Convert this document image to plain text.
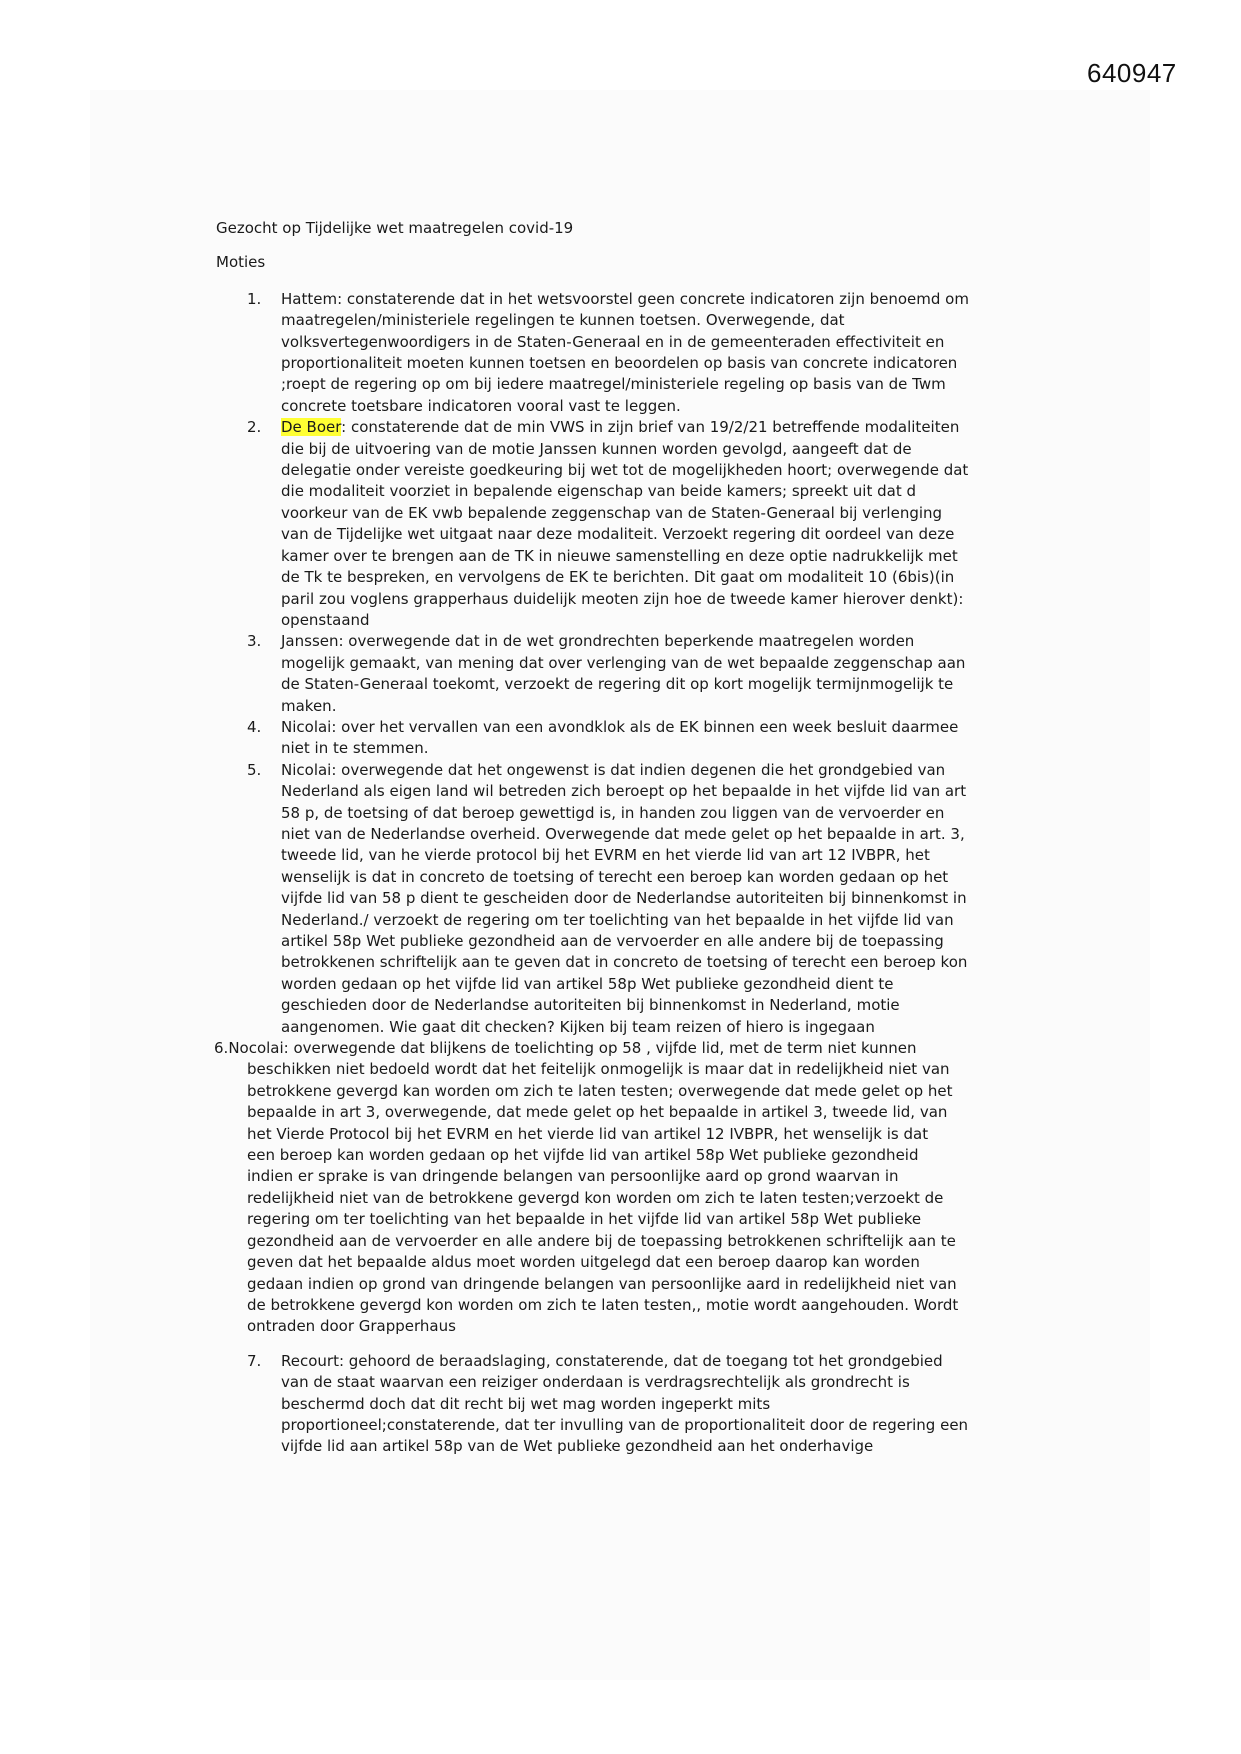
640947

Gezocht op Tijdelijke wet maatregelen covid-19

Moties

1.	Hattem: constaterende dat in het wetsvoorstel geen concrete indicatoren zijn benoemd om
maatregelen/ministeriele regelingen te kunnen toetsen. Overwegende, dat
volksvertegenwoordigers in de Staten-Generaal en in de gemeenteraden effectiviteit en
proportionaliteit moeten kunnen toetsen en beoordelen op basis van concrete indicatoren
;roept de regering op om bij iedere maatregel/ministeriele regeling op basis van de Twm
concrete toetsbare indicatoren vooral vast te leggen.
2.	De Boer: constaterende dat de min VWS in zijn brief van 19/2/21 betreffende modaliteiten
die bij de uitvoering van de motie Janssen kunnen worden gevolgd, aangeeft dat de
delegatie onder vereiste goedkeuring bij wet tot de mogelijkheden hoort; overwegende dat
die modaliteit voorziet in bepalende eigenschap van beide kamers; spreekt uit dat d
voorkeur van de EK vwb bepalende zeggenschap van de Staten-Generaal bij verlenging
van de Tijdelijke wet uitgaat naar deze modaliteit. Verzoekt regering dit oordeel van deze
kamer over te brengen aan de TK in nieuwe samenstelling en deze optie nadrukkelijk met
de Tk te bespreken, en vervolgens de EK te berichten. Dit gaat om modaliteit 10 (6bis)(in
paril zou voglens grapperhaus duidelijk meoten zijn hoe de tweede kamer hierover denkt):
openstaand
3.	Janssen: overwegende dat in de wet grondrechten beperkende maatregelen worden
mogelijk gemaakt, van mening dat over verlenging van de wet bepaalde zeggenschap aan
de Staten-Generaal toekomt, verzoekt de regering dit op kort mogelijk termijnmogelijk te
maken.
4.	Nicolai: over het vervallen van een avondklok als de EK binnen een week besluit daarmee
niet in te stemmen.
5.	Nicolai: overwegende dat het ongewenst is dat indien degenen die het grondgebied van
Nederland als eigen land wil betreden zich beroept op het bepaalde in het vijfde lid van art
58 p, de toetsing of dat beroep gewettigd is, in handen zou liggen van de vervoerder en
niet van de Nederlandse overheid. Overwegende dat mede gelet op het bepaalde in art. 3,
tweede lid, van he vierde protocol bij het EVRM en het vierde lid van art 12 IVBPR, het
wenselijk is dat in concreto de toetsing of terecht een beroep kan worden gedaan op het
vijfde lid van 58 p dient te gescheiden door de Nederlandse autoriteiten bij binnenkomst in
Nederland./ verzoekt de regering om ter toelichting van het bepaalde in het vijfde lid van
artikel 58p Wet publieke gezondheid aan de vervoerder en alle andere bij de toepassing
betrokkenen schriftelijk aan te geven dat in concreto de toetsing of terecht een beroep kon
worden gedaan op het vijfde lid van artikel 58p Wet publieke gezondheid dient te
geschieden door de Nederlandse autoriteiten bij binnenkomst in Nederland, motie
aangenomen. Wie gaat dit checken? Kijken bij team reizen of hiero is ingegaan
6.Nocolai: overwegende dat blijkens de toelichting op 58 , vijfde lid, met de term niet kunnen
beschikken niet bedoeld wordt dat het feitelijk onmogelijk is maar dat in redelijkheid niet van
betrokkene gevergd kan worden om zich te laten testen; overwegende dat mede gelet op het
bepaalde in art 3, overwegende, dat mede gelet op het bepaalde in artikel 3, tweede lid, van
het Vierde Protocol bij het EVRM en het vierde lid van artikel 12 IVBPR, het wenselijk is dat
een beroep kan worden gedaan op het vijfde lid van artikel 58p Wet publieke gezondheid
indien er sprake is van dringende belangen van persoonlijke aard op grond waarvan in
redelijkheid niet van de betrokkene gevergd kon worden om zich te laten testen;verzoekt de
regering om ter toelichting van het bepaalde in het vijfde lid van artikel 58p Wet publieke
gezondheid aan de vervoerder en alle andere bij de toepassing betrokkenen schriftelijk aan te
geven dat het bepaalde aldus moet worden uitgelegd dat een beroep daarop kan worden
gedaan indien op grond van dringende belangen van persoonlijke aard in redelijkheid niet van
de betrokkene gevergd kon worden om zich te laten testen,, motie wordt aangehouden. Wordt
ontraden door Grapperhaus
7.	Recourt: gehoord de beraadslaging, constaterende, dat de toegang tot het grondgebied
van de staat waarvan een reiziger onderdaan is verdragsrechtelijk als grondrecht is
beschermd doch dat dit recht bij wet mag worden ingeperkt mits
proportioneel;constaterende, dat ter invulling van de proportionaliteit door de regering een
vijfde lid aan artikel 58p van de Wet publieke gezondheid aan het onderhavige
